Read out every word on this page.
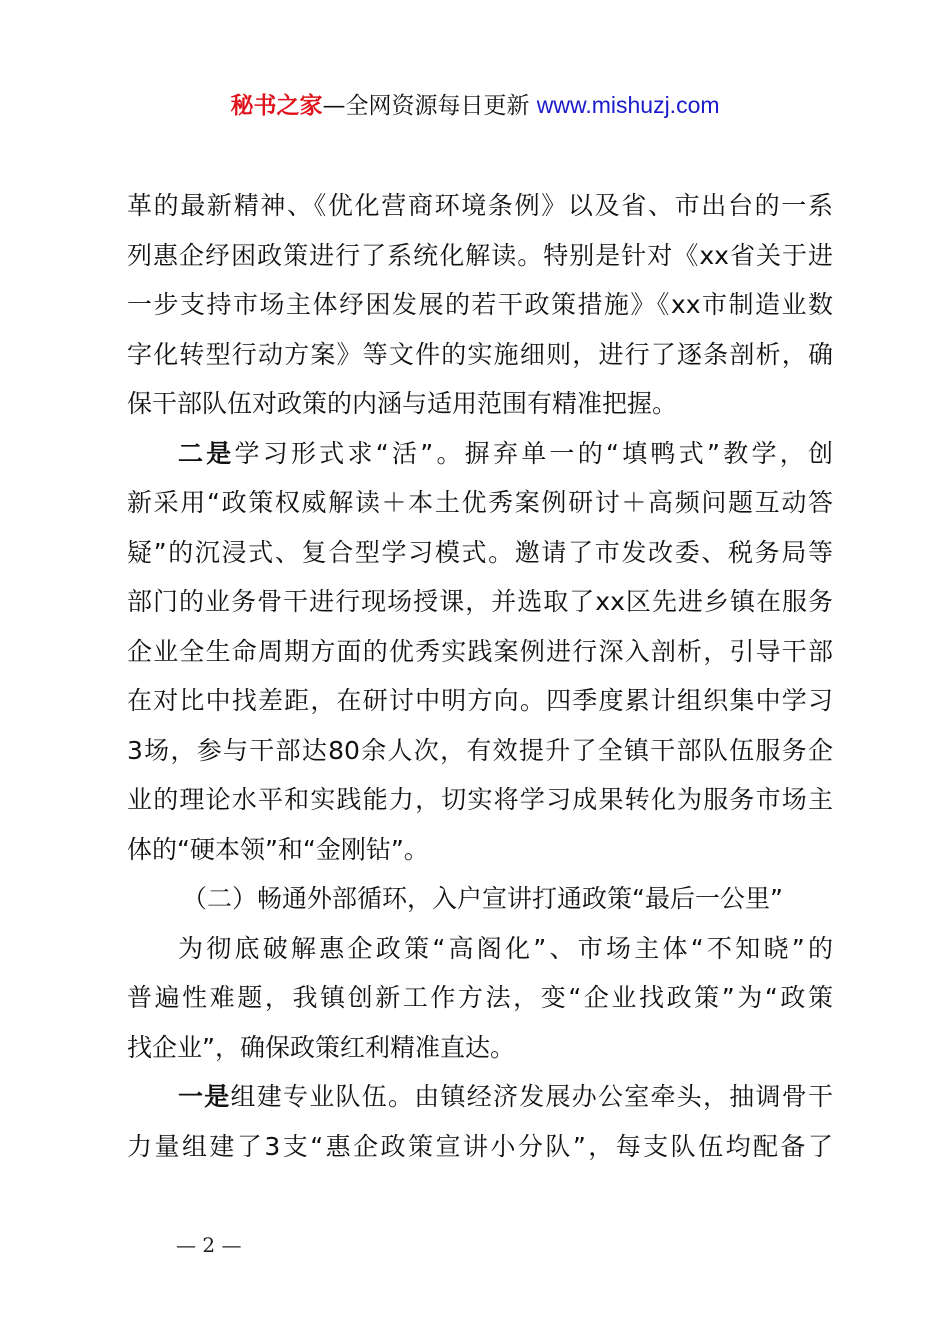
秘书之家—全网资源每日更新 www.mishuzj.com
革的最新精神、《优化营商环境条例》以及省、市出台的一系
列惠企纾困政策进行了系统化解读。特别是针对《xx省关于进
一步支持市场主体纾困发展的若干政策措施》《xx市制造业数
字化转型行动方案》等文件的实施细则，进行了逐条剖析，确
保干部队伍对政策的内涵与适用范围有精准把握。
二是学习形式求“活”。摒弃单一的“填鸭式”教学，创
新采用“政策权威解读＋本土优秀案例研讨＋高频问题互动答
疑”的沉浸式、复合型学习模式。邀请了市发改委、税务局等
部门的业务骨干进行现场授课，并选取了xx区先进乡镇在服务
企业全生命周期方面的优秀实践案例进行深入剖析，引导干部
在对比中找差距，在研讨中明方向。四季度累计组织集中学习
3场，参与干部达80余人次，有效提升了全镇干部队伍服务企
业的理论水平和实践能力，切实将学习成果转化为服务市场主
体的“硬本领”和“金刚钻”。
（二）畅通外部循环，入户宣讲打通政策“最后一公里”
为彻底破解惠企政策“高阁化”、市场主体“不知晓”的
普遍性难题，我镇创新工作方法，变“企业找政策”为“政策
找企业”，确保政策红利精准直达。
一是组建专业队伍。由镇经济发展办公室牵头，抽调骨干
力量组建了3支“惠企政策宣讲小分队”，每支队伍均配备了
— 2 —
